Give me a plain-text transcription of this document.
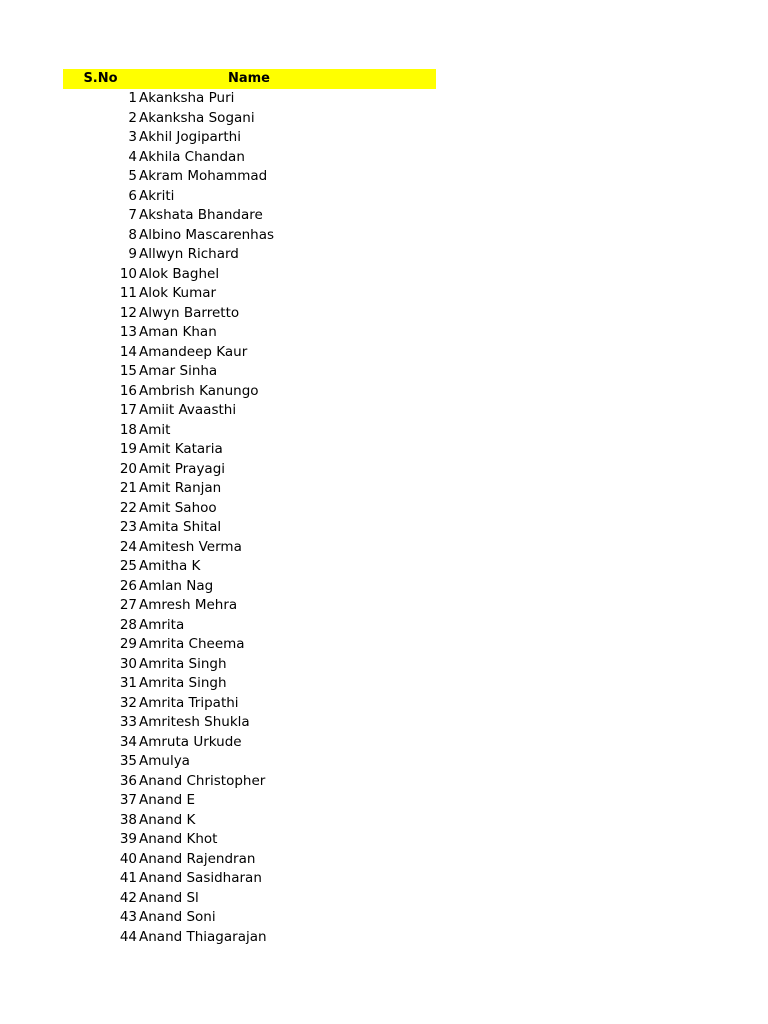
S.No	Name
1 Akanksha Puri
2 Akanksha Sogani
3 Akhil Jogiparthi
4 Akhila Chandan
5 Akram Mohammad
6 Akriti
7 Akshata Bhandare
8 Albino Mascarenhas
9 Allwyn Richard
10 Alok Baghel
11 Alok Kumar
12 Alwyn Barretto
13 Aman Khan
14 Amandeep Kaur
15 Amar Sinha
16 Ambrish Kanungo
17 Amiit Avaasthi
18 Amit
19 Amit Kataria
20 Amit Prayagi
21 Amit Ranjan
22 Amit Sahoo
23 Amita Shital
24 Amitesh Verma
25 Amitha K
26 Amlan Nag
27 Amresh Mehra
28 Amrita
29 Amrita Cheema
30 Amrita Singh
31 Amrita Singh
32 Amrita Tripathi
33 Amritesh Shukla
34 Amruta Urkude
35 Amulya
36 Anand Christopher
37 Anand E
38 Anand K
39 Anand Khot
40 Anand Rajendran
41 Anand Sasidharan
42 Anand Sl
43 Anand Soni
44 Anand Thiagarajan
